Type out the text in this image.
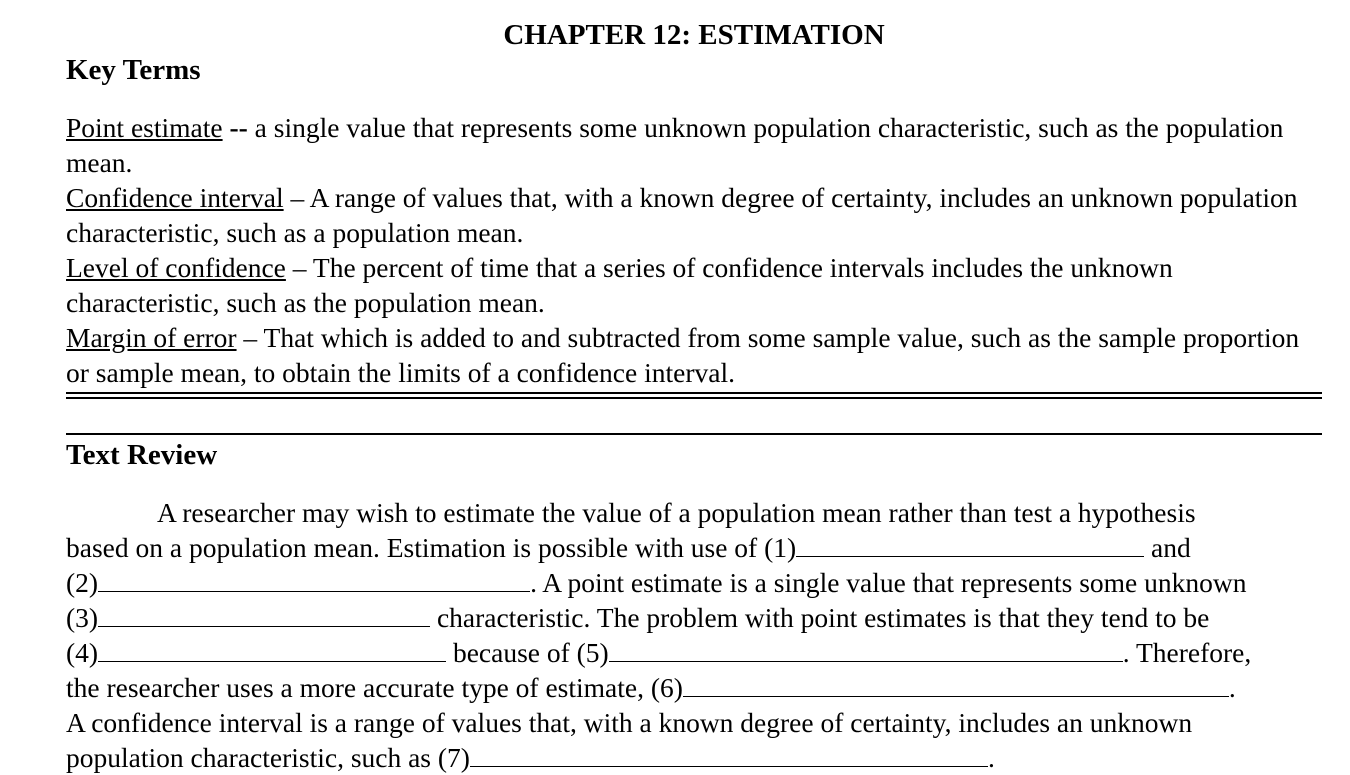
CHAPTER 12: ESTIMATION
Key Terms

Point estimate -- a single value that represents some unknown population characteristic, such as the population mean.

Confidence interval – A range of values that, with a known degree of certainty, includes an unknown population characteristic, such as a population mean.

Level of confidence – The percent of time that a series of confidence intervals includes the unknown characteristic, such as the population mean.

Margin of error – That which is added to and subtracted from some sample value, such as the sample proportion or sample mean, to obtain the limits of a confidence interval.

Text Review
A researcher may wish to estimate the value of a population mean rather than test a hypothesis
based on a population mean. Estimation is possible with use of (1)	and
(2)	. A point estimate is a single value that represents some unknown
(3)	characteristic. The problem with point estimates is that they tend to be
(4)	because of (5)	. Therefore,
the researcher uses a more accurate type of estimate, (6)	.
A confidence interval is a range of values that, with a known degree of certainty, includes an unknown
population characteristic, such as (7)	.
